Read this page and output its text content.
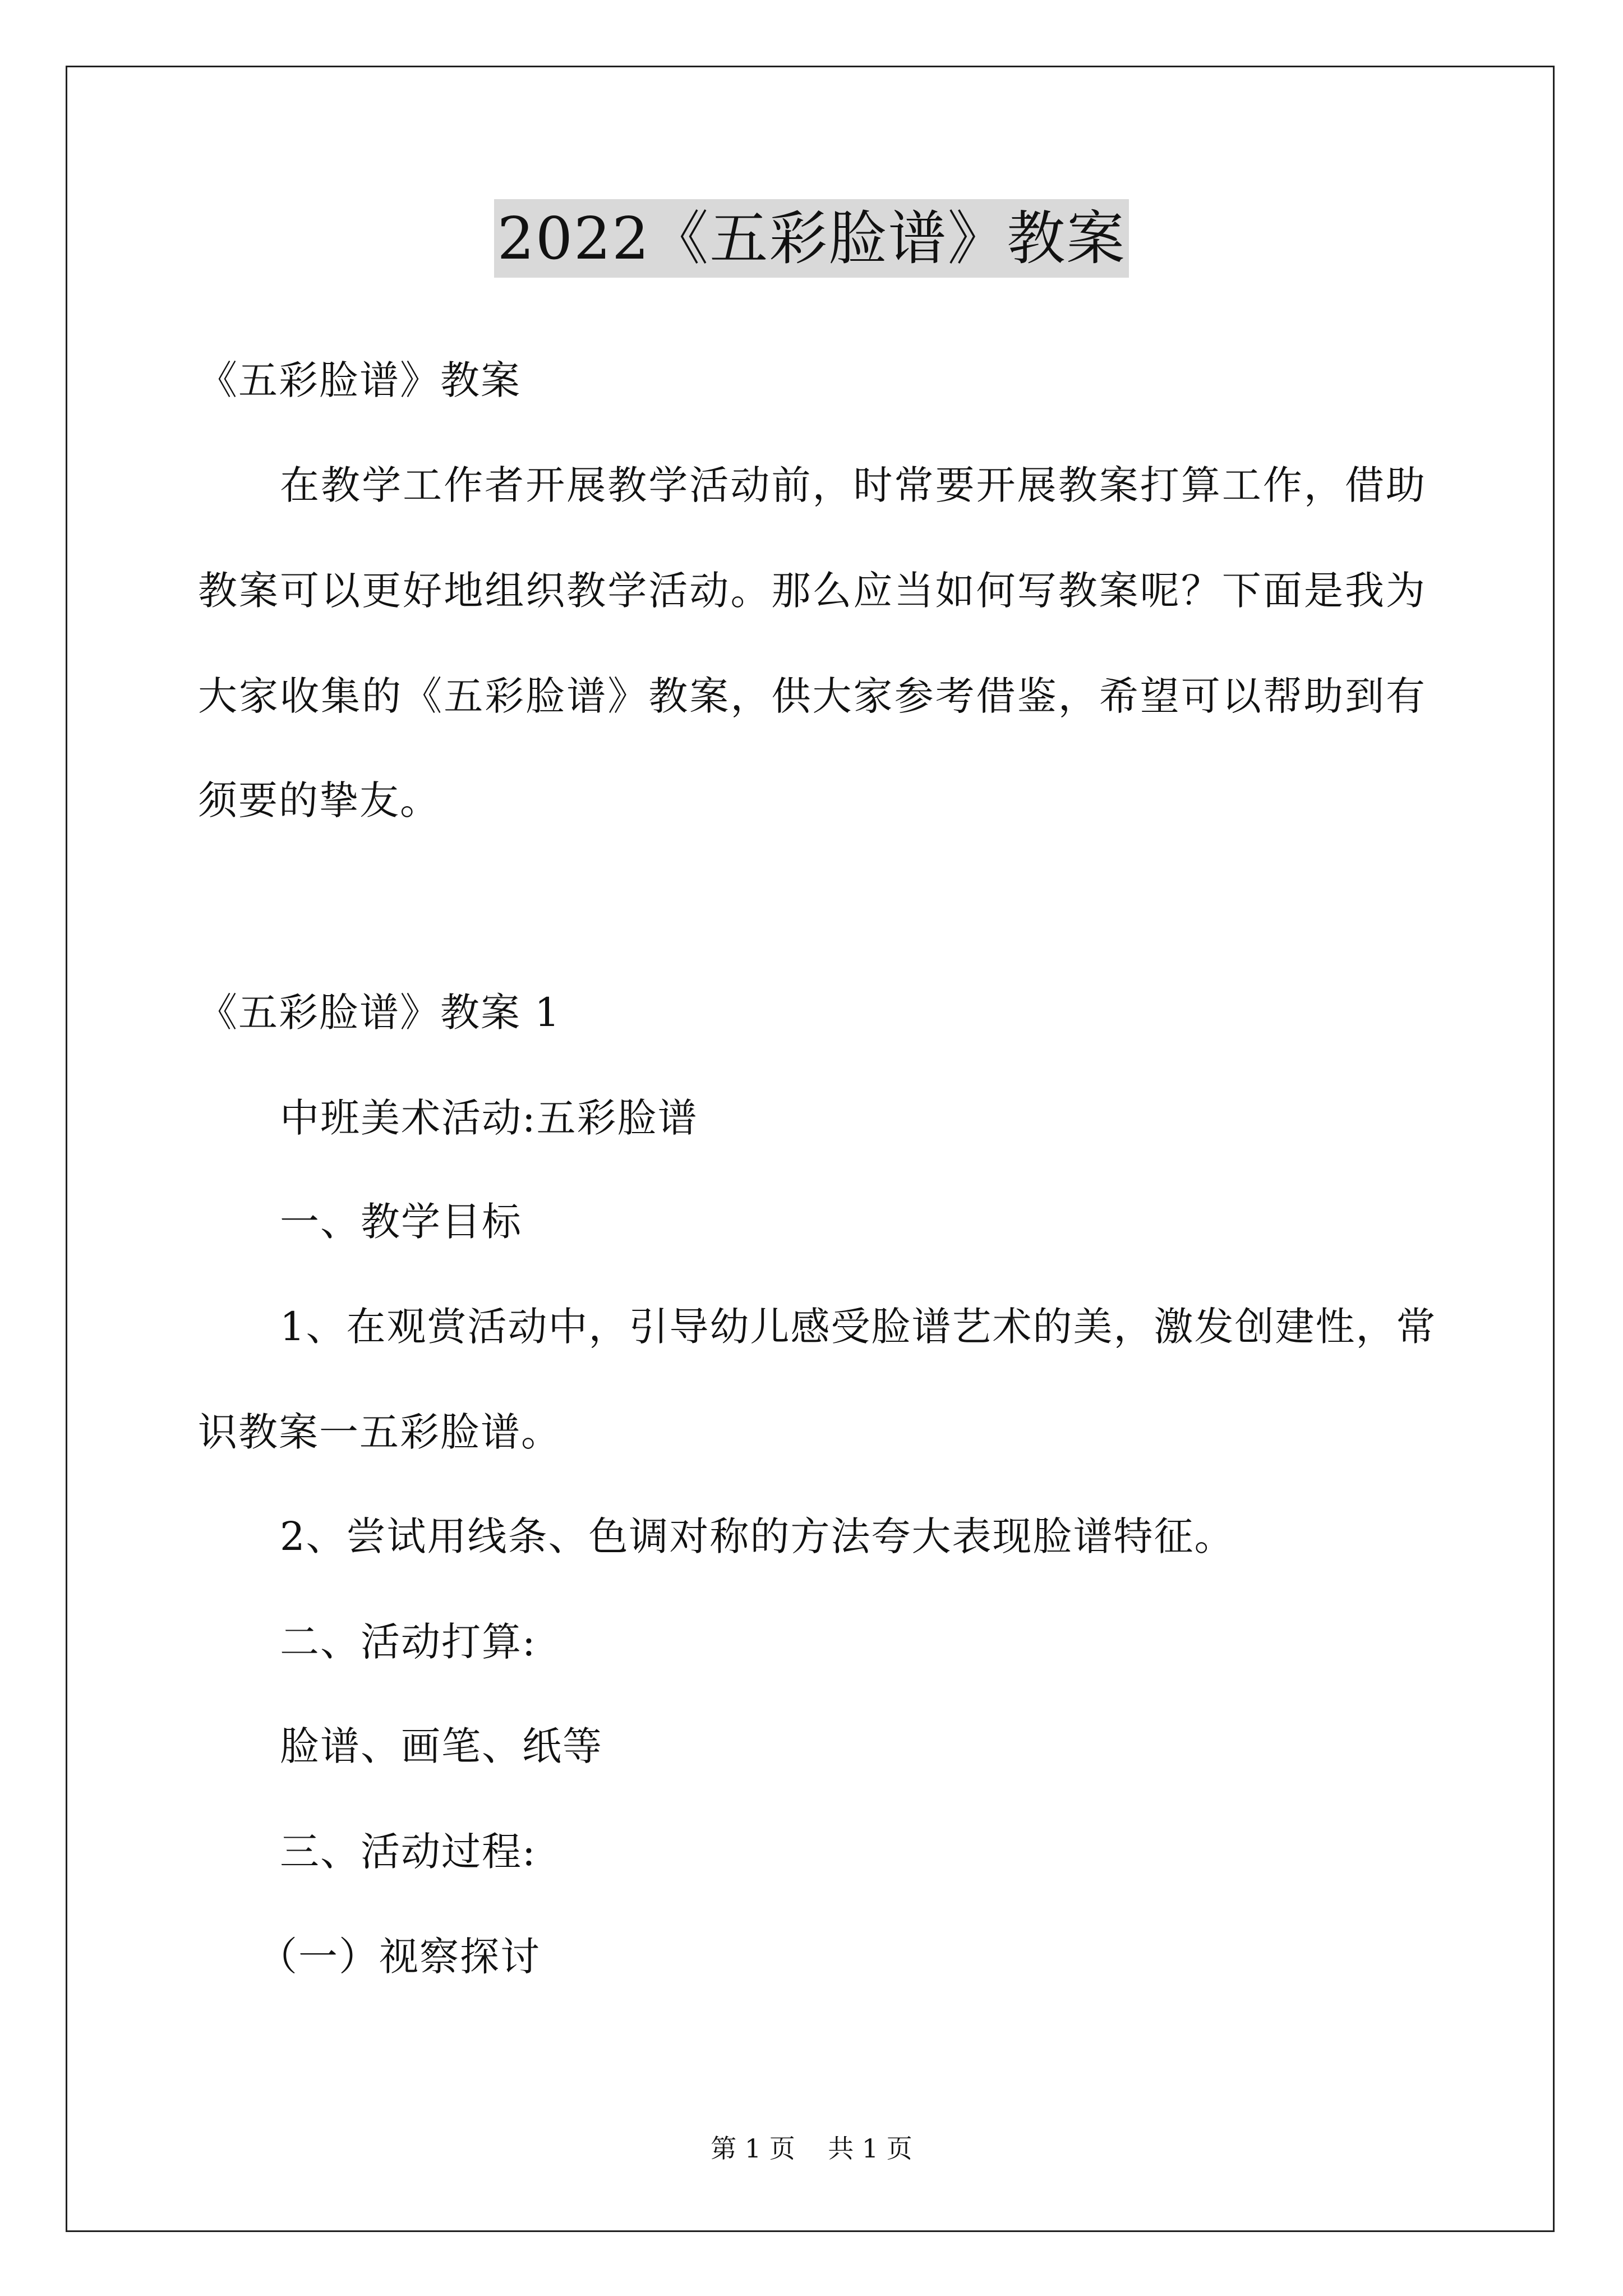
2022《五彩脸谱》教案
《五彩脸谱》教案
在教学工作者开展教学活动前，时常要开展教案打算工作，借助
教案可以更好地组织教学活动。那么应当如何写教案呢？下面是我为
大家收集的《五彩脸谱》教案，供大家参考借鉴，希望可以帮助到有
须要的挚友。
《五彩脸谱》教案 1
中班美术活动:五彩脸谱
一、教学目标
1、在观赏活动中，引导幼儿感受脸谱艺术的美，激发创建性，常
识教案一五彩脸谱。
2、尝试用线条、色调对称的方法夸大表现脸谱特征。
二、活动打算:
脸谱、画笔、纸等
三、活动过程:
（一）视察探讨
第 1 页    共 1 页
